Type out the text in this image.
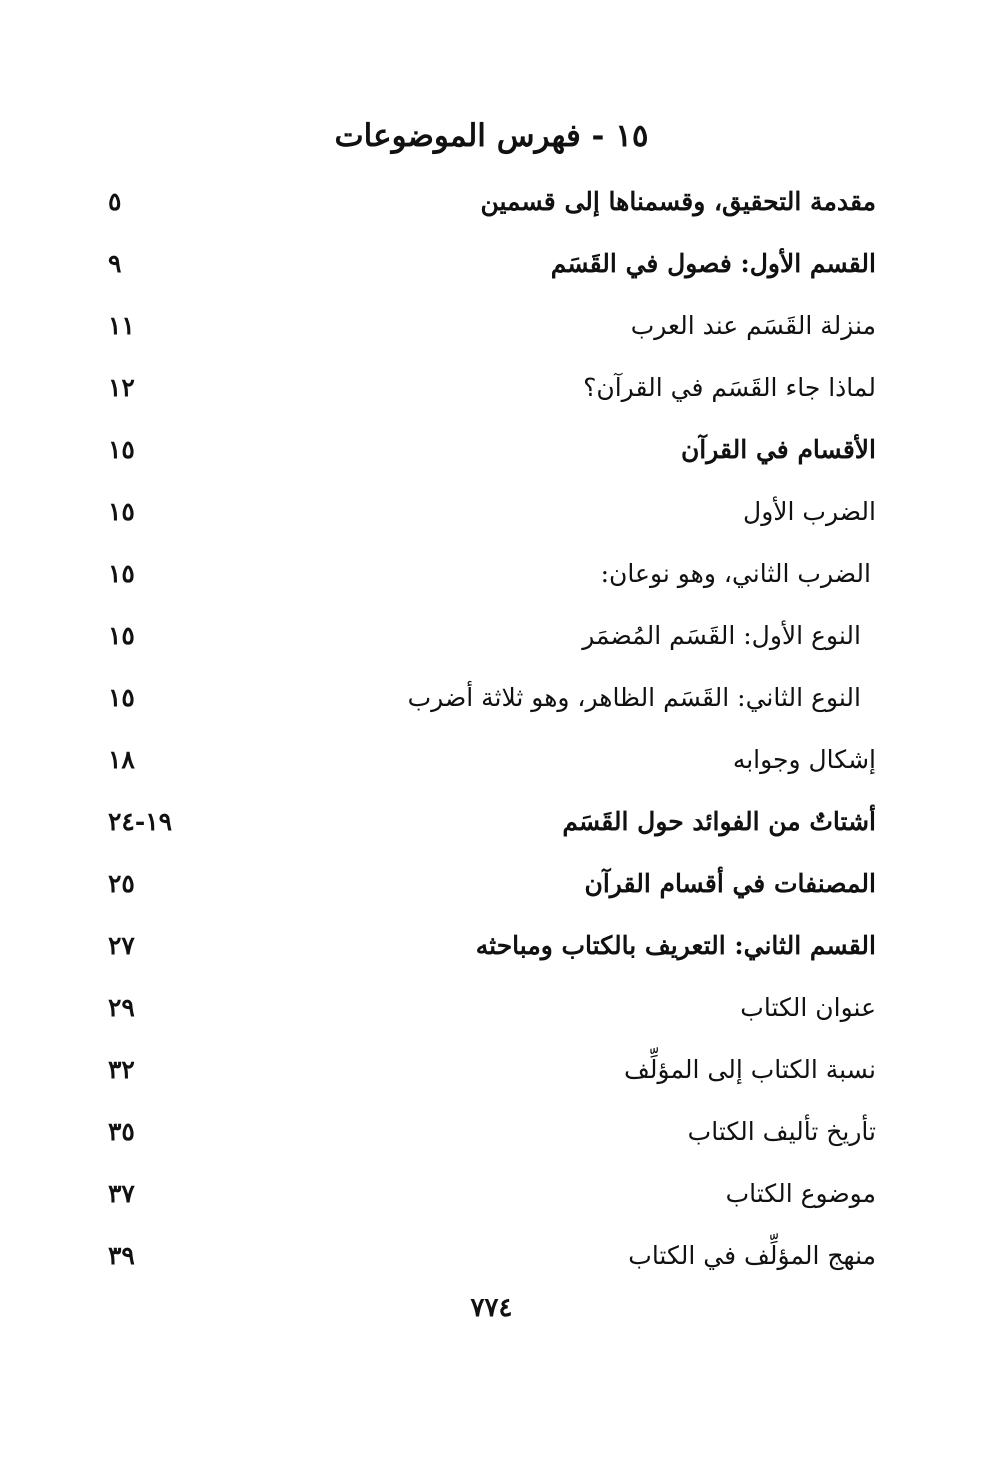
١٥ - فهرس الموضوعات
مقدمة التحقيق، وقسمناها إلى قسمين
٥
القسم الأول: فصول في القَسَم
٩
منزلة القَسَم عند العرب
١١
لماذا جاء القَسَم في القرآن؟
١٢
الأقسام في القرآن
١٥
الضرب الأول
١٥
الضرب الثاني، وهو نوعان:
١٥
النوع الأول: القَسَم المُضمَر
١٥
النوع الثاني: القَسَم الظاهر، وهو ثلاثة أضرب
١٥
إشكال وجوابه
١٨
أشتاتٌ من الفوائد حول القَسَم
١٩-٢٤
المصنفات في أقسام القرآن
٢٥
القسم الثاني: التعريف بالكتاب ومباحثه
٢٧
عنوان الكتاب
٢٩
نسبة الكتاب إلى المؤلِّف
٣٢
تأريخ تأليف الكتاب
٣٥
موضوع الكتاب
٣٧
منهج المؤلِّف في الكتاب
٣٩
٧٧٤
